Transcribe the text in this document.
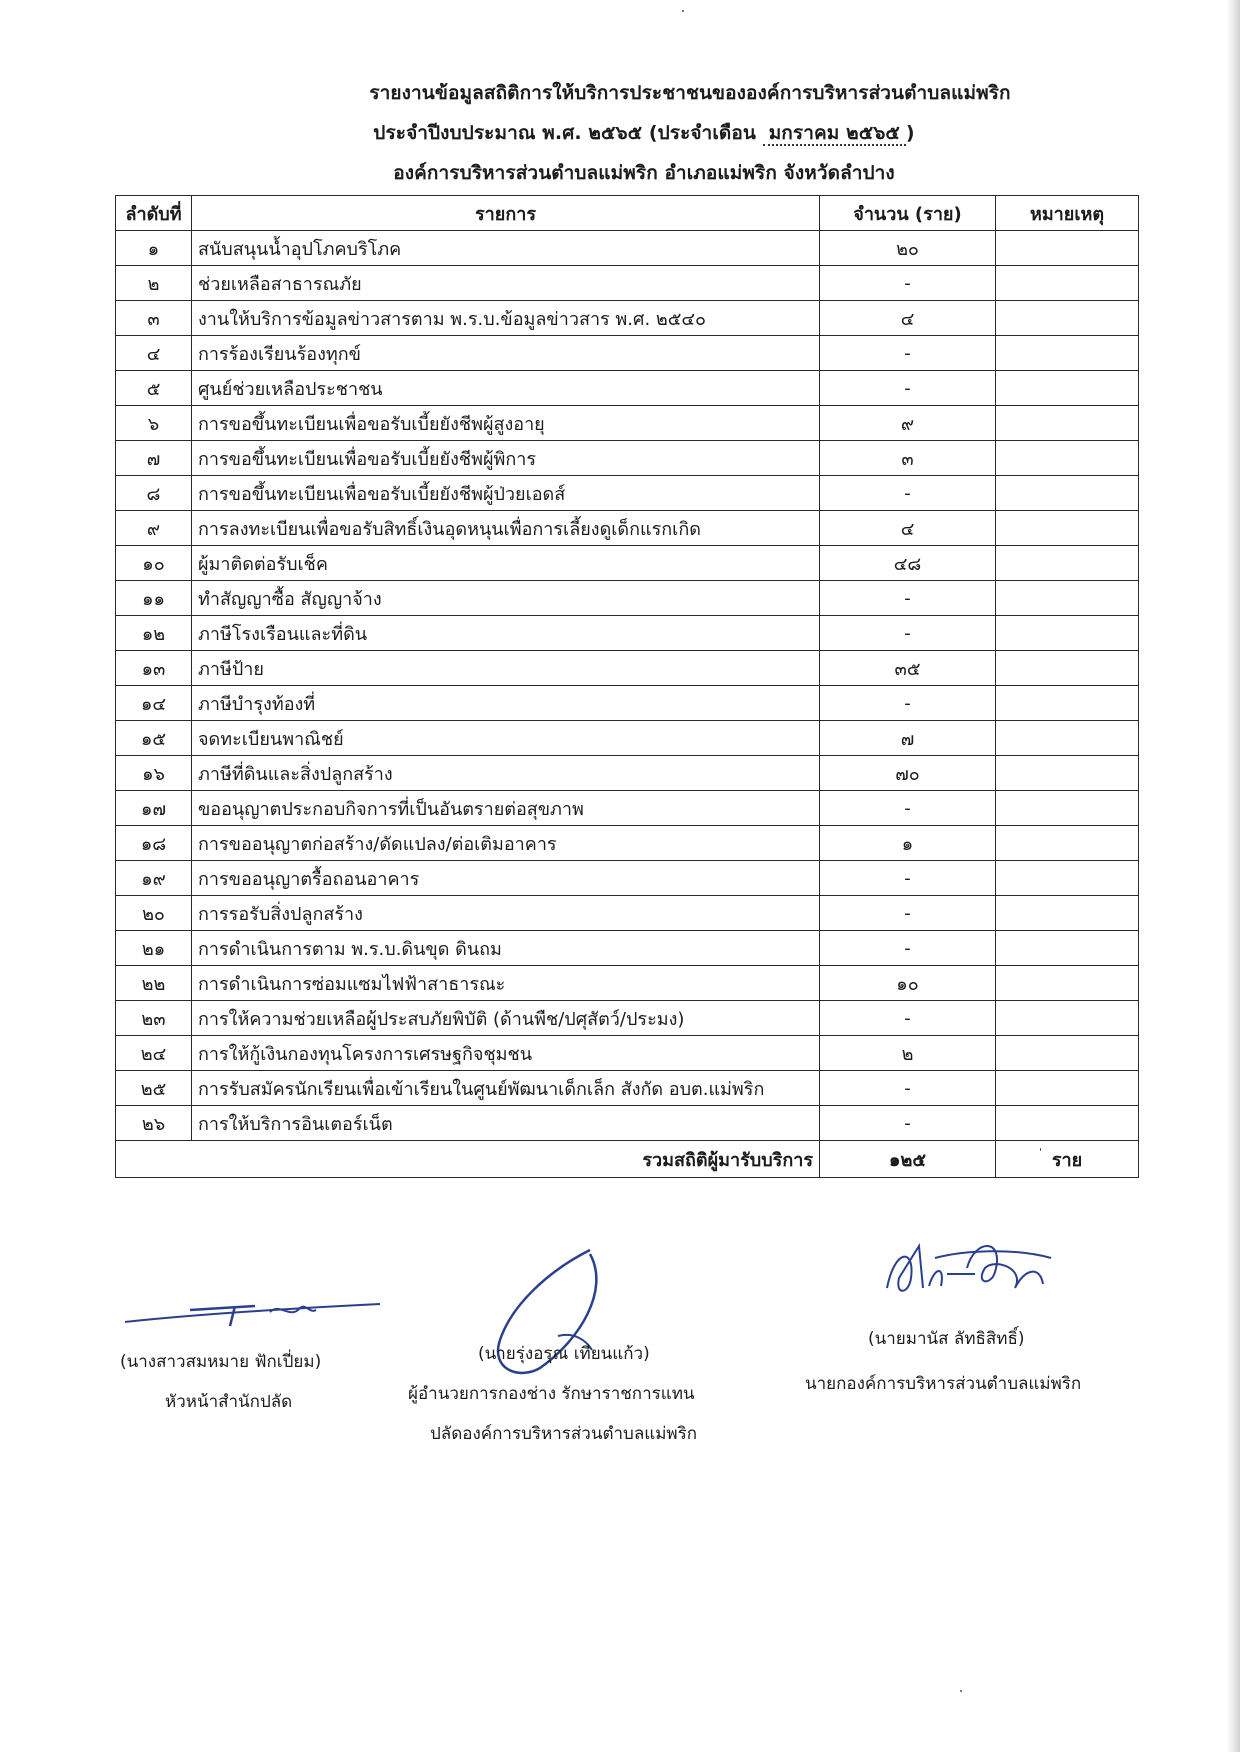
รายงานข้อมูลสถิติการให้บริการประชาชนขององค์การบริหารส่วนตำบลแม่พริก
ประจำปีงบประมาณ พ.ศ. ๒๕๖๕ (ประจำเดือน มกราคม ๒๕๖๕ )
องค์การบริหารส่วนตำบลแม่พริก อำเภอแม่พริก จังหวัดลำปาง
ลำดับที่	รายการ	จำนวน (ราย)	หมายเหตุ
๑	สนับสนุนน้ำอุปโภคบริโภค	๒๐	
๒	ช่วยเหลือสาธารณภัย	-	
๓	งานให้บริการข้อมูลข่าวสารตาม พ.ร.บ.ข้อมูลข่าวสาร พ.ศ. ๒๕๔๐	๔	
๔	การร้องเรียนร้องทุกข์	-	
๕	ศูนย์ช่วยเหลือประชาชน	-	
๖	การขอขึ้นทะเบียนเพื่อขอรับเบี้ยยังชีพผู้สูงอายุ	๙	
๗	การขอขึ้นทะเบียนเพื่อขอรับเบี้ยยังชีพผู้พิการ	๓	
๘	การขอขึ้นทะเบียนเพื่อขอรับเบี้ยยังชีพผู้ป่วยเอดส์	-	
๙	การลงทะเบียนเพื่อขอรับสิทธิ์เงินอุดหนุนเพื่อการเลี้ยงดูเด็กแรกเกิด	๔	
๑๐	ผู้มาติดต่อรับเช็ค	๔๘	
๑๑	ทำสัญญาซื้อ สัญญาจ้าง	-	
๑๒	ภาษีโรงเรือนและที่ดิน	-	
๑๓	ภาษีป้าย	๓๕	
๑๔	ภาษีบำรุงท้องที่	-	
๑๕	จดทะเบียนพาณิชย์	๗	
๑๖	ภาษีที่ดินและสิ่งปลูกสร้าง	๗๐	
๑๗	ขออนุญาตประกอบกิจการที่เป็นอันตรายต่อสุขภาพ	-	
๑๘	การขออนุญาตก่อสร้าง/ดัดแปลง/ต่อเติมอาคาร	๑	
๑๙	การขออนุญาตรื้อถอนอาคาร	-	
๒๐	การรอรับสิ่งปลูกสร้าง	-	
๒๑	การดำเนินการตาม พ.ร.บ.ดินขุด ดินถม	-	
๒๒	การดำเนินการซ่อมแซมไฟฟ้าสาธารณะ	๑๐	
๒๓	การให้ความช่วยเหลือผู้ประสบภัยพิบัติ (ด้านพืช/ปศุสัตว์/ประมง)	-	
๒๔	การให้กู้เงินกองทุนโครงการเศรษฐกิจชุมชน	๒	
๒๕	การรับสมัครนักเรียนเพื่อเข้าเรียนในศูนย์พัฒนาเด็กเล็ก สังกัด อบต.แม่พริก	-	
๒๖	การให้บริการอินเตอร์เน็ต	-	
รวมสถิติผู้มารับบริการ		๑๒๕	ราย
(นางสาวสมหมาย ฟักเปี่ยม)
หัวหน้าสำนักปลัด
(นายรุ่งอรุณ เทียนแก้ว)
ผู้อำนวยการกองช่าง รักษาราชการแทน
ปลัดองค์การบริหารส่วนตำบลแม่พริก
(นายมานัส ลัทธิสิทธิ์)
นายกองค์การบริหารส่วนตำบลแม่พริก
